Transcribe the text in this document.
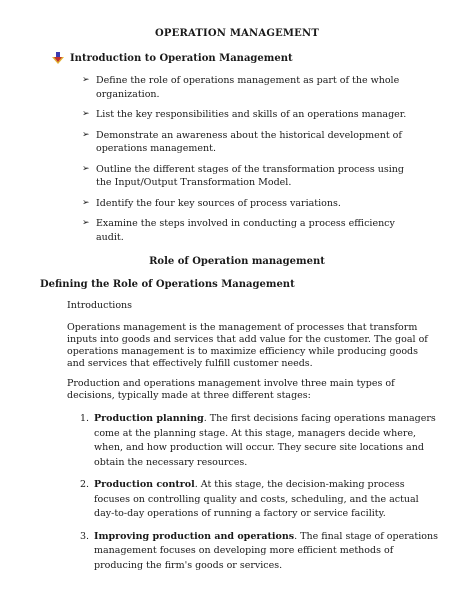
OPERATION MANAGEMENT
Introduction to Operation Management
➢ Define the role of operations management as part of the whole organization.
➢ List the key responsibilities and skills of an operations manager.
➢ Demonstrate an awareness about the historical development of operations management.
➢ Outline the different stages of the transformation process using the Input/Output Transformation Model.
➢ Identify the four key sources of process variations.
➢ Examine the steps involved in conducting a process efficiency audit.
Role of Operation management
Defining the Role of Operations Management
Introductions
Operations management is the management of processes that transform inputs into goods and services that add value for the customer. The goal of operations management is to maximize efficiency while producing goods and services that effectively fulfill customer needs.
Production and operations management involve three main types of decisions, typically made at three different stages:
1. Production planning. The first decisions facing operations managers come at the planning stage. At this stage, managers decide where, when, and how production will occur. They secure site locations and obtain the necessary resources.
2. Production control. At this stage, the decision-making process focuses on controlling quality and costs, scheduling, and the actual day-to-day operations of running a factory or service facility.
3. Improving production and operations. The final stage of operations management focuses on developing more efficient methods of producing the firm's goods or services.
